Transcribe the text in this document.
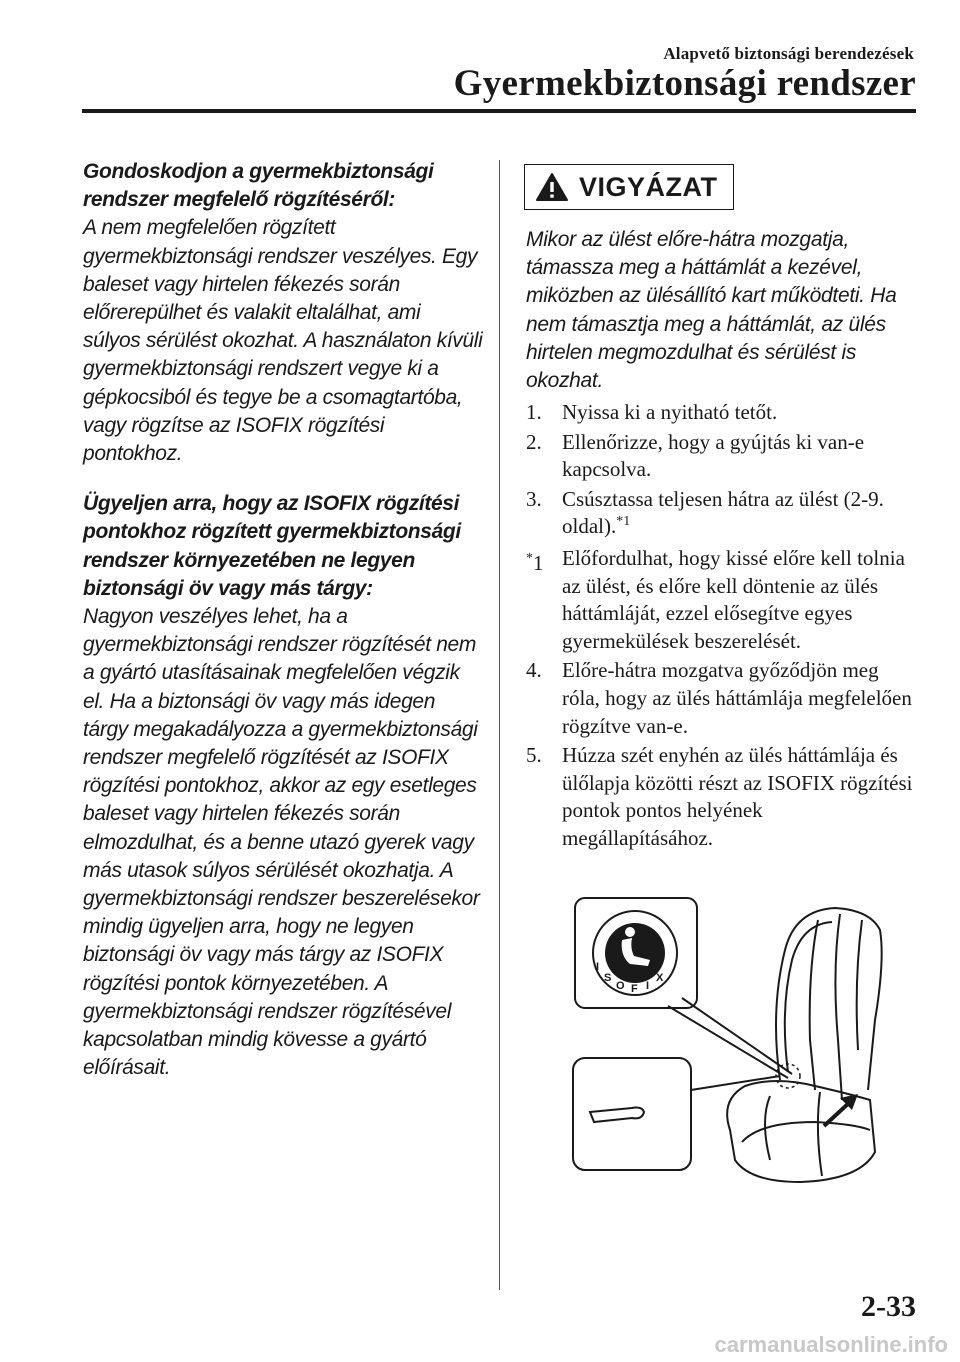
Alapvető biztonsági berendezések
Gyermekbiztonsági rendszer
Gondoskodjon a gyermekbiztonsági rendszer megfelelő rögzítéséről:

A nem megfelelően rögzített gyermekbiztonsági rendszer veszélyes. Egy baleset vagy hirtelen fékezés során előrerepülhet és valakit eltalálhat, ami súlyos sérülést okozhat. A használaton kívüli gyermekbiztonsági rendszert vegye ki a gépkocsiból és tegye be a csomagtartóba, vagy rögzítse az ISOFIX rögzítési pontokhoz.

Ügyeljen arra, hogy az ISOFIX rögzítési pontokhoz rögzített gyermekbiztonsági rendszer környezetében ne legyen biztonsági öv vagy más tárgy:

Nagyon veszélyes lehet, ha a gyermekbiztonsági rendszer rögzítését nem a gyártó utasításainak megfelelően végzik el. Ha a biztonsági öv vagy más idegen tárgy megakadályozza a gyermekbiztonsági rendszer megfelelő rögzítését az ISOFIX rögzítési pontokhoz, akkor az egy esetleges baleset vagy hirtelen fékezés során elmozdulhat, és a benne utazó gyerek vagy más utasok súlyos sérülését okozhatja. A gyermekbiztonsági rendszer beszerelésekor mindig ügyeljen arra, hogy ne legyen biztonsági öv vagy más tárgy az ISOFIX rögzítési pontok környezetében. A gyermekbiztonsági rendszer rögzítésével kapcsolatban mindig kövesse a gyártó előírásait.

VIGYÁZAT

Mikor az ülést előre-hátra mozgatja, támassza meg a háttámlát a kezével, miközben az ülésállító kart működteti. Ha nem támasztja meg a háttámlát, az ülés hirtelen megmozdulhat és sérülést is okozhat.

1. Nyissa ki a nyitható tetőt.
2. Ellenőrizze, hogy a gyújtás ki van-e kapcsolva.
3. Csúsztassa teljesen hátra az ülést (2-9. oldal).$^{*1}$
*1 Előfordulhat, hogy kissé előre kell tolnia az ülést, és előre kell döntenie az ülés háttámláját, ezzel elősegítve egyes gyermekülések beszerelését.
4. Előre-hátra mozgatva győződjön meg róla, hogy az ülés háttámlája megfelelően rögzítve van-e.
5. Húzza szét enyhén az ülés háttámlája és ülőlapja közötti részt az ISOFIX rögzítési pontok pontos helyének megállapításához.
I
S
O F I
X
2-33
carmanualsonline.info
